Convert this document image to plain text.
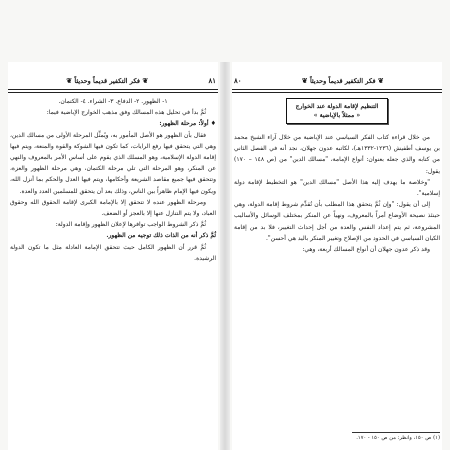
٨١
❦ فكر التكفير قديماً وحديثاً ❦

١- الظهور. ٢- الدفاع. ٣- الشراء. ٤- الكتمان.

ثُمَّ بدأ في تحليل هذه المسالك وفق مذهب الخوارج الإباضية فيما:

♦ أولاً: مرحلة الظهور:

فقال بأن الظهور هو الأصل المأمور به، ويُمثِّل المرحلة الأولى من مسالك الدين، وهي التي يتحقق فيها رفع الرايات، كما تكون فيها الشوكة والقوة والمنعة، ويتم فيها إقامة الدولة الإسلامية، وهو المسلك الذي يقوم على أساس الأمر بالمعروف والنهي عن المنكر، وهو المرحلة التي تلي مرحلة الكتمان، وهي مرحلة الظهور والعزة، وتتحقق فيها جميع مقاصد الشريعة وأحكامها، ويتم فيها العدل والحكم بما أنزل الله، ويكون فيها الإمام ظاهراً بين الناس، وذلك بعد أن يتحقق للمسلمين العدد والعدة.

ومرحلة الظهور عنده لا تتحقق إلا بالإمامة الكبرى لإقامة الحقوق الله وحقوق العباد، ولا يتم التنازل عنها إلا بالعجز أو الضعف.

ثُمَّ ذكر الشروط الواجب توافرها لإعلان الظهور وإقامة الدولة:

ثُمَّ ذكر أنه من الذات ذلك توجيه من الظهور.

ثُمَّ قرر أن الظهور الكامل حيث تتحقق الإمامة العادلة مثل ما تكون الدولة الرشيدة.

❦ فكر التكفير قديماً وحديثاً ❦
٨٠
التنظيم لإقامة الدولة عند الخوارج
« ممثلاً بالإباضية »

من خلال قراءة كتاب الفكر السياسي عند الإباضية من خلال آراء الشيخ محمد بن يوسف أطفيش (١٢٣٦-١٣٣٢هـ)، لكاتبه عدون جهلان، نجد أنه في الفصل الثاني من كتابه والذي جعله بعنوان: أنواع الإمامة، "مسالك الدين" من (ص ١٤٨ – ١٧٠) يقول:

"وخلاصة ما يهدف إليه هذا الأصل "مسالك الدين" هو التخطيط لإقامة دولة إسلامية".

إلى أن يقول: "وإن ثُمَّ يتحقق هذا المطلب بأن تُقدِّم شروط إقامة الدولة، وهي حينئذ نصيحة الأوضاع أمراً بالمعروف، ونهياً عن المنكر بمختلف الوسائل والأساليب المشروعة، ثم يتم إعداد النفس والعدة من أجل إحداث التغيير، فلا بد من إقامة الكيان السياسي في الحدود من الإصلاح وتغيير المنكر باليد هي أحسن".

وقد ذكر عدون جهلان أن أنواع المسالك أربعة، وهي:

(١) ص ١٥٠، وانظر: من ص ١٥٠ - ١٧٠.
